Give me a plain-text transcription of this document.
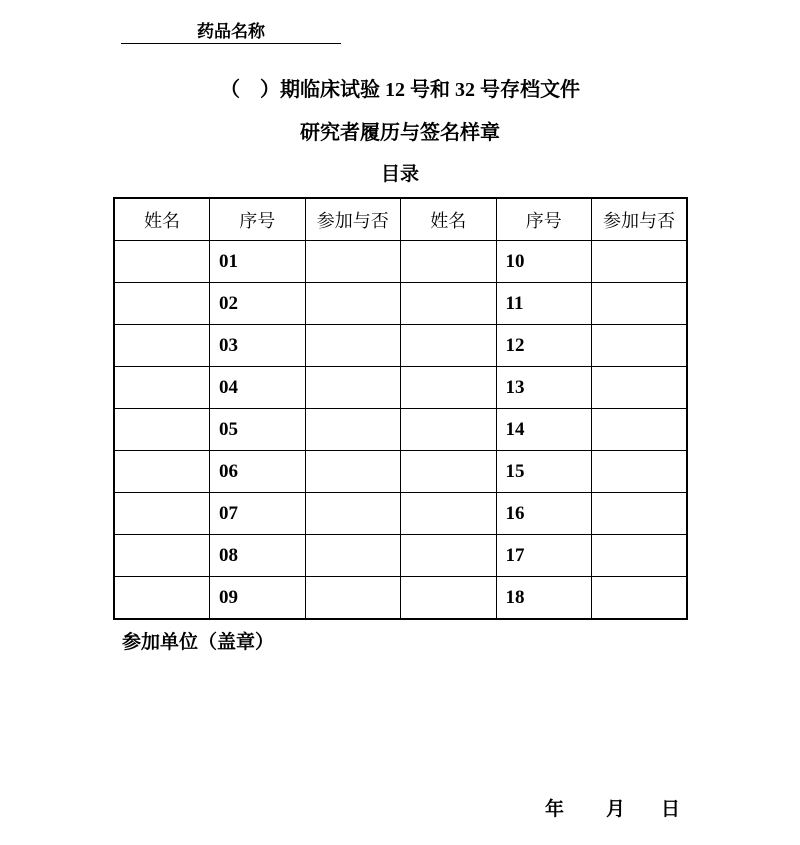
药品名称
（　）期临床试验 12 号和 32 号存档文件
研究者履历与签名样章
目录
姓名	序号	参加与否	姓名	序号	参加与否
	01			10	
	02			11	
	03			12	
	04			13	
	05			14	
	06			15	
	07			16	
	08			17	
	09			18	
参加单位（盖章）
年 月 日
